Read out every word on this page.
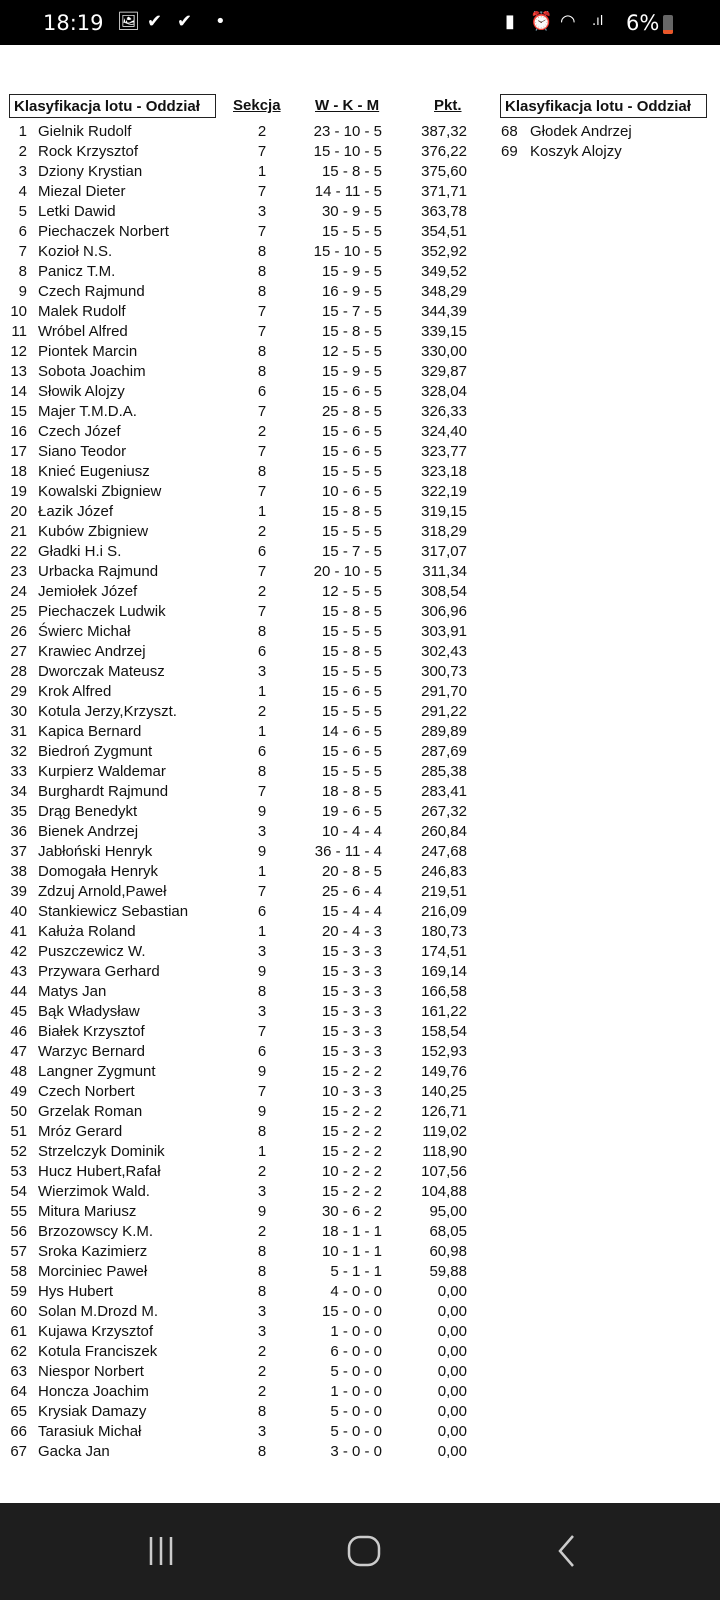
18:19 🖼 ✔ ✔ •	▮ ⏰ ◠ .ıl 6%
Klasyfikacja lotu - Oddział	Sekcja W - K - M	Pkt.	Klasyfikacja lotu - Oddział
1 Gielnik Rudolf	2	23 - 10 - 5	387,32
2 Rock Krzysztof	7	15 - 10 - 5	376,22
3 Dziony Krystian	1	15 - 8 - 5	375,60
4 Miezal Dieter	7	14 - 11 - 5	371,71
5 Letki Dawid	3	30 - 9 - 5	363,78
6 Piechaczek Norbert	7	15 - 5 - 5	354,51
7 Kozioł N.S.	8	15 - 10 - 5	352,92
8 Panicz T.M.	8	15 - 9 - 5	349,52
9 Czech Rajmund	8	16 - 9 - 5	348,29
10 Malek Rudolf	7	15 - 7 - 5	344,39
11 Wróbel Alfred	7	15 - 8 - 5	339,15
12 Piontek Marcin	8	12 - 5 - 5	330,00
13 Sobota Joachim	8	15 - 9 - 5	329,87
14 Słowik Alojzy	6	15 - 6 - 5	328,04
15 Majer T.M.D.A.	7	25 - 8 - 5	326,33
16 Czech Józef	2	15 - 6 - 5	324,40
17 Siano Teodor	7	15 - 6 - 5	323,77
18 Knieć Eugeniusz	8	15 - 5 - 5	323,18
19 Kowalski Zbigniew	7	10 - 6 - 5	322,19
20 Łazik Józef	1	15 - 8 - 5	319,15
21 Kubów Zbigniew	2	15 - 5 - 5	318,29
22 Gładki H.i S.	6	15 - 7 - 5	317,07
23 Urbacka Rajmund	7	20 - 10 - 5	311,34
24 Jemiołek Józef	2	12 - 5 - 5	308,54
25 Piechaczek Ludwik	7	15 - 8 - 5	306,96
26 Świerc Michał	8	15 - 5 - 5	303,91
27 Krawiec Andrzej	6	15 - 8 - 5	302,43
28 Dworczak Mateusz	3	15 - 5 - 5	300,73
29 Krok Alfred	1	15 - 6 - 5	291,70
30 Kotula Jerzy,Krzyszt.	2	15 - 5 - 5	291,22
31 Kapica Bernard	1	14 - 6 - 5	289,89
32 Biedroń Zygmunt	6	15 - 6 - 5	287,69
33 Kurpierz Waldemar	8	15 - 5 - 5	285,38
34 Burghardt Rajmund	7	18 - 8 - 5	283,41
35 Drąg Benedykt	9	19 - 6 - 5	267,32
36 Bienek Andrzej	3	10 - 4 - 4	260,84
37 Jabłoński Henryk	9	36 - 11 - 4	247,68
38 Domogała Henryk	1	20 - 8 - 5	246,83
39 Zdzuj Arnold,Paweł	7	25 - 6 - 4	219,51
40 Stankiewicz Sebastian	6	15 - 4 - 4	216,09
41 Kałuża Roland	1	20 - 4 - 3	180,73
42 Puszczewicz W.	3	15 - 3 - 3	174,51
43 Przywara Gerhard	9	15 - 3 - 3	169,14
44 Matys Jan	8	15 - 3 - 3	166,58
45 Bąk Władysław	3	15 - 3 - 3	161,22
46 Białek Krzysztof	7	15 - 3 - 3	158,54
47 Warzyc Bernard	6	15 - 3 - 3	152,93
48 Langner Zygmunt	9	15 - 2 - 2	149,76
49 Czech Norbert	7	10 - 3 - 3	140,25
50 Grzelak Roman	9	15 - 2 - 2	126,71
51 Mróz Gerard	8	15 - 2 - 2	119,02
52 Strzelczyk Dominik	1	15 - 2 - 2	118,90
53 Hucz Hubert,Rafał	2	10 - 2 - 2	107,56
54 Wierzimok Wald.	3	15 - 2 - 2	104,88
55 Mitura Mariusz	9	30 - 6 - 2	95,00
56 Brzozowscy K.M.	2	18 - 1 - 1	68,05
57 Sroka Kazimierz	8	10 - 1 - 1	60,98
58 Morciniec Paweł	8	5 - 1 - 1	59,88
59 Hys Hubert	8	4 - 0 - 0	0,00
60 Solan M.Drozd M.	3	15 - 0 - 0	0,00
61 Kujawa Krzysztof	3	1 - 0 - 0	0,00
62 Kotula Franciszek	2	6 - 0 - 0	0,00
63 Niespor Norbert	2	5 - 0 - 0	0,00
64 Honcza Joachim	2	1 - 0 - 0	0,00
65 Krysiak Damazy	8	5 - 0 - 0	0,00
66 Tarasiuk Michał	3	5 - 0 - 0	0,00
67 Gacka Jan	8	3 - 0 - 0	0,00
68 Głodek Andrzej
69 Koszyk Alojzy
